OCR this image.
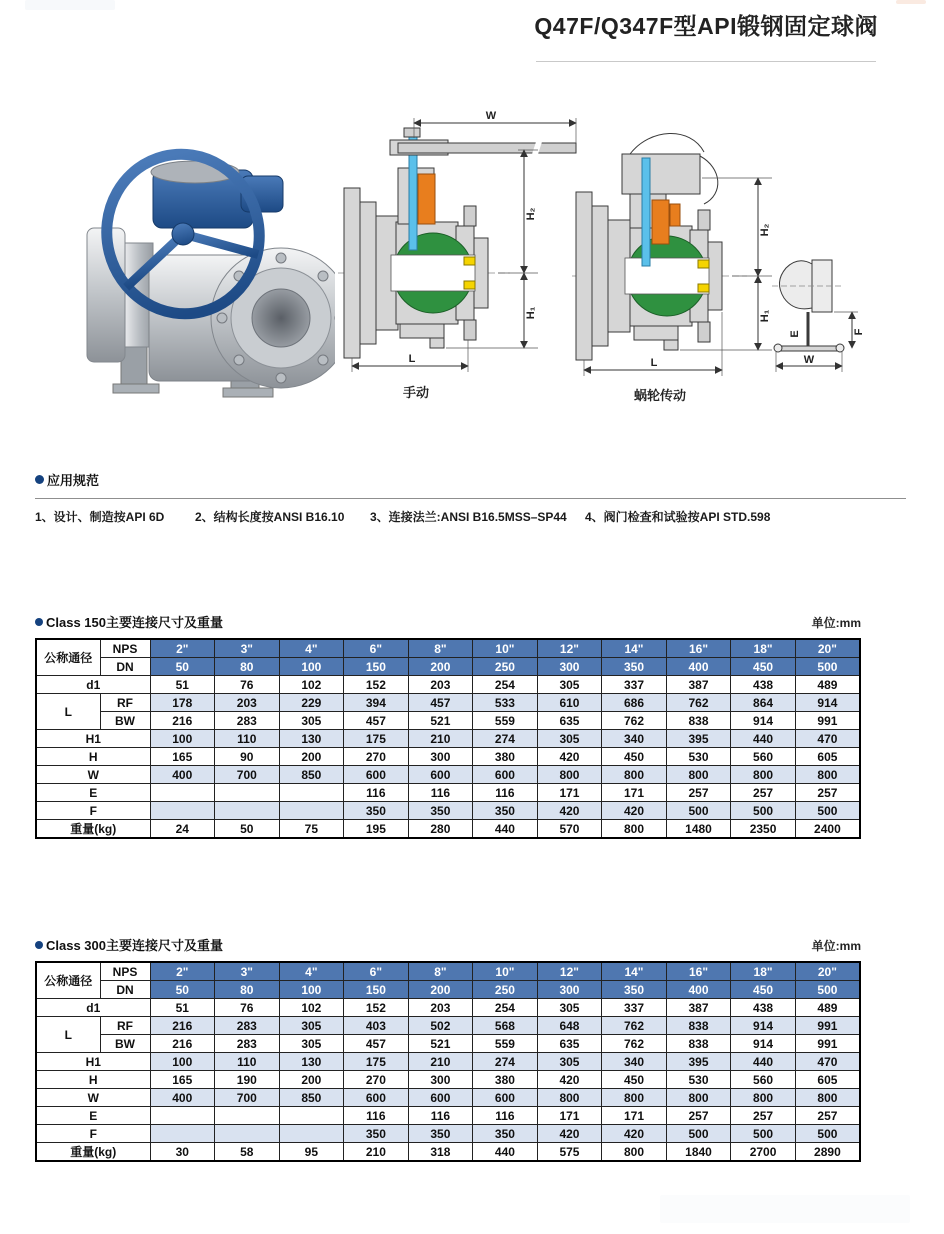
Q47F/Q347F型API锻钢固定球阀
W
H₂
H₁
L
手动
H₂
H₁
L
E	F
W
蜗轮传动
应用规范
1、设计、制造按API 6D	2、结构长度按ANSI B16.10 3、连接法兰:ANSI B16.5MSS–SP44 4、阀门检查和试验按API STD.598
Class 150主要连接尺寸及重量	单位:mm
公称通径	NPS	2"	3"	4"	6"	8"	10"	12"	14"	16"	18"	20"
	DN	50	80	100	150	200	250	300	350	400	450	500
d1		51	76	102	152	203	254	305	337	387	438	489
L	RF	178	203	229	394	457	533	610	686	762	864	914
	BW	216	283	305	457	521	559	635	762	838	914	991
H1		100	110	130	175	210	274	305	340	395	440	470
H		165	90	200	270	300	380	420	450	530	560	605
W		400	700	850	600	600	600	800	800	800	800	800
E					116	116	116	171	171	257	257	257
F					350	350	350	420	420	500	500	500
重量(kg)		24	50	75	195	280	440	570	800	1480	2350	2400
Class 300主要连接尺寸及重量	单位:mm
公称通径	NPS	2"	3"	4"	6"	8"	10"	12"	14"	16"	18"	20"
	DN	50	80	100	150	200	250	300	350	400	450	500
d1		51	76	102	152	203	254	305	337	387	438	489
L	RF	216	283	305	403	502	568	648	762	838	914	991
	BW	216	283	305	457	521	559	635	762	838	914	991
H1		100	110	130	175	210	274	305	340	395	440	470
H		165	190	200	270	300	380	420	450	530	560	605
W		400	700	850	600	600	600	800	800	800	800	800
E					116	116	116	171	171	257	257	257
F					350	350	350	420	420	500	500	500
重量(kg)		30	58	95	210	318	440	575	800	1840	2700	2890
